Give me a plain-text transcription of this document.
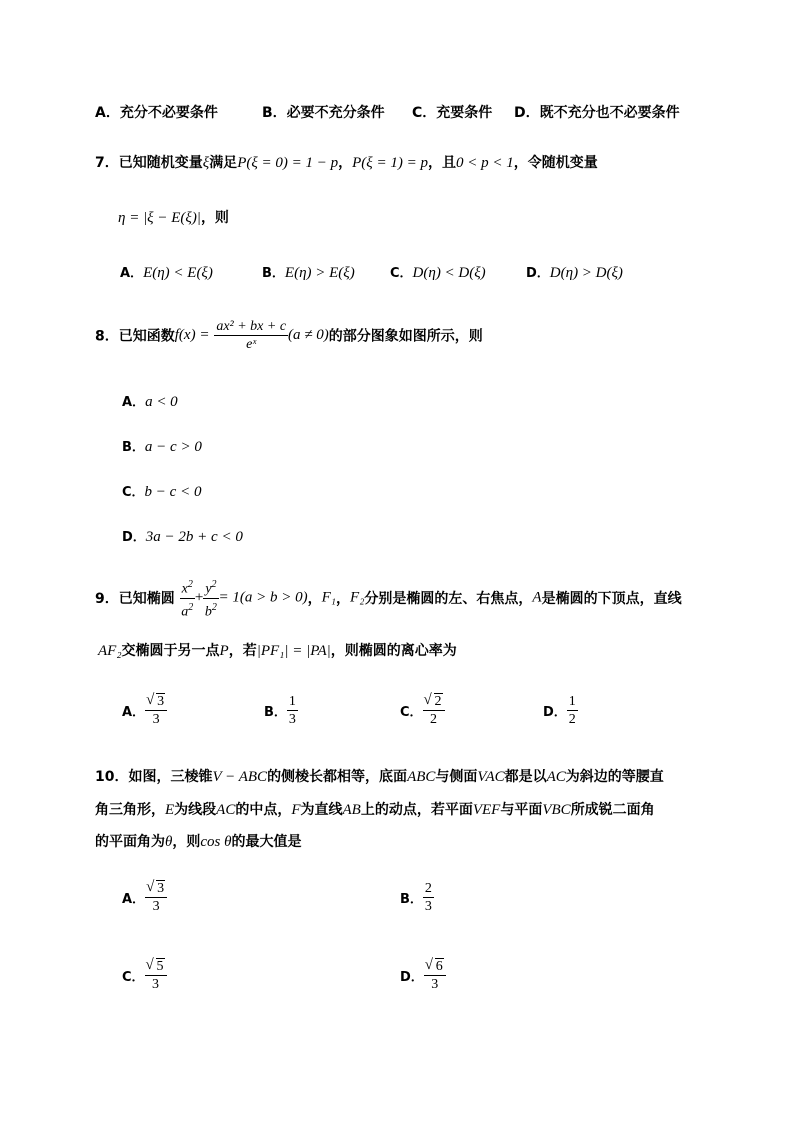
A．充分不必要条件	B．必要不充分条件 C．充要条件 D．既不充分也不必要条件
7．已知随机变量ξ满足P(ξ = 0) = 1 − p，P(ξ = 1) = p，且0 < p < 1，令随机变量
η = |ξ − E(ξ)|，则
A．E(η) < E(ξ)	B．E(η) > E(ξ)	C．D(η) < D(ξ)	D．D(η) > D(ξ)
8．已知函数$f(x) = \frac{\text{ax² + bx + c}}{\text{eˣ}} (a \ne 0)$的部分图象如图所示，则
A．a < 0
B．a − c > 0
C．b − c < 0
D．3a − 2b + c < 0
9．已知椭圆 $\frac{x^2}{a^2} + \frac{y^2}{b^2} = 1(a > b > 0)$，F₁，F₂分别是椭圆的左、右焦点，A是椭圆的下顶点，直线
AF₂交椭圆于另一点P，若|PF₁| = |PA|，则椭圆的离心率为
A． √ $\frac{3}{3}$	B． $\frac{1}{3}$	C． √ $\frac{2}{2}$	D． $\frac{1}{2}$
10．如图，三棱锥V − ABC的侧棱长都相等，底面ABC与侧面VAC都是以AC为斜边的等腰直
角三角形，E为线段AC的中点，F为直线AB上的动点，若平面VEF与平面VBC所成锐二面角
的平面角为θ，则cos θ的最大值是
A． √ $\frac{3}{3}$	B． $\frac{2}{3}$
C． √ $\frac{5}{3}$	D． √ $\frac{6}{3}$
